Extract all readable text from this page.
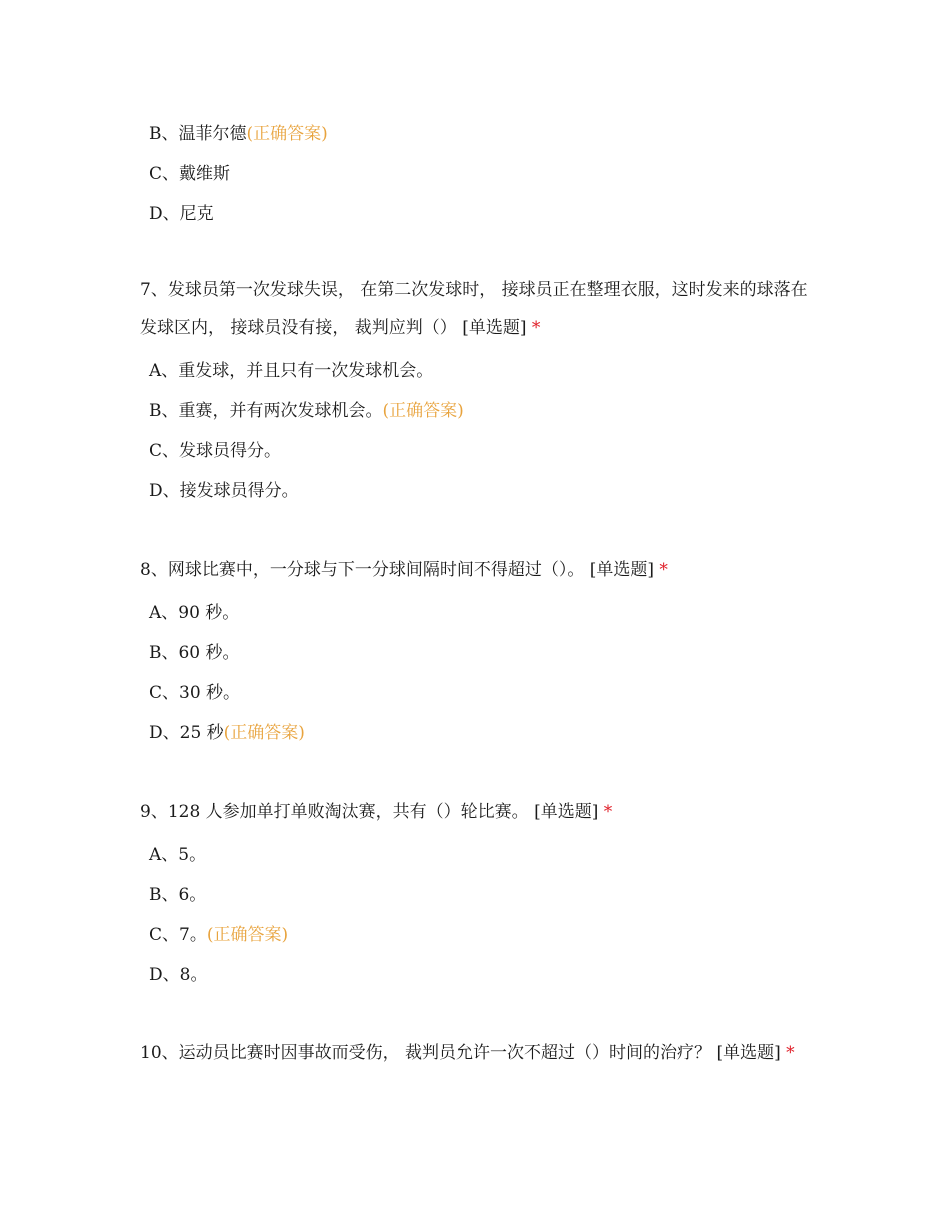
B、温菲尔德(正确答案)
C、戴维斯
D、尼克
7、发球员第一次发球失误， 在第二次发球时， 接球员正在整理衣服，这时发来的球落在发球区内， 接球员没有接， 裁判应判（） [单选题] *
A、重发球，并且只有一次发球机会。
B、重赛，并有两次发球机会。(正确答案)
C、发球员得分。
D、接发球员得分。
8、网球比赛中，一分球与下一分球间隔时间不得超过（）。 [单选题] *
A、90 秒。
B、60 秒。
C、30 秒。
D、25 秒(正确答案)
9、128 人参加单打单败淘汰赛，共有（）轮比赛。 [单选题] *
A、5。
B、6。
C、7。(正确答案)
D、8。
10、运动员比赛时因事故而受伤， 裁判员允许一次不超过（）时间的治疗？ [单选题] *
